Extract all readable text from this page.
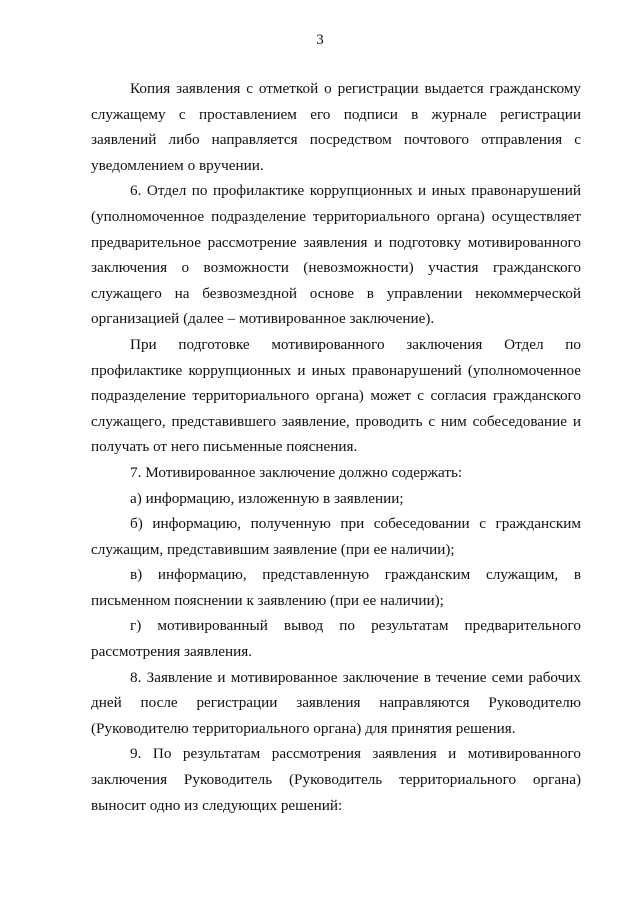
3

Копия заявления с отметкой о регистрации выдается гражданскому служащему с проставлением его подписи в журнале регистрации заявлений либо направляется посредством почтового отправления с уведомлением о вручении.

6. Отдел по профилактике коррупционных и иных правонарушений (уполномоченное подразделение территориального органа) осуществляет предварительное рассмотрение заявления и подготовку мотивированного заключения о возможности (невозможности) участия гражданского служащего на безвозмездной основе в управлении некоммерческой организацией (далее – мотивированное заключение).

При подготовке мотивированного заключения Отдел по профилактике коррупционных и иных правонарушений (уполномоченное подразделение территориального органа) может с согласия гражданского служащего, представившего заявление, проводить с ним собеседование и получать от него письменные пояснения.

7. Мотивированное заключение должно содержать:

а) информацию, изложенную в заявлении;

б) информацию, полученную при собеседовании с гражданским служащим, представившим заявление (при ее наличии);

в) информацию, представленную гражданским служащим, в письменном пояснении к заявлению (при ее наличии);

г) мотивированный вывод по результатам предварительного рассмотрения заявления.

8. Заявление и мотивированное заключение в течение семи рабочих дней после регистрации заявления направляются Руководителю (Руководителю территориального органа) для принятия решения.

9. По результатам рассмотрения заявления и мотивированного заключения Руководитель (Руководитель территориального органа) выносит одно из следующих решений:
